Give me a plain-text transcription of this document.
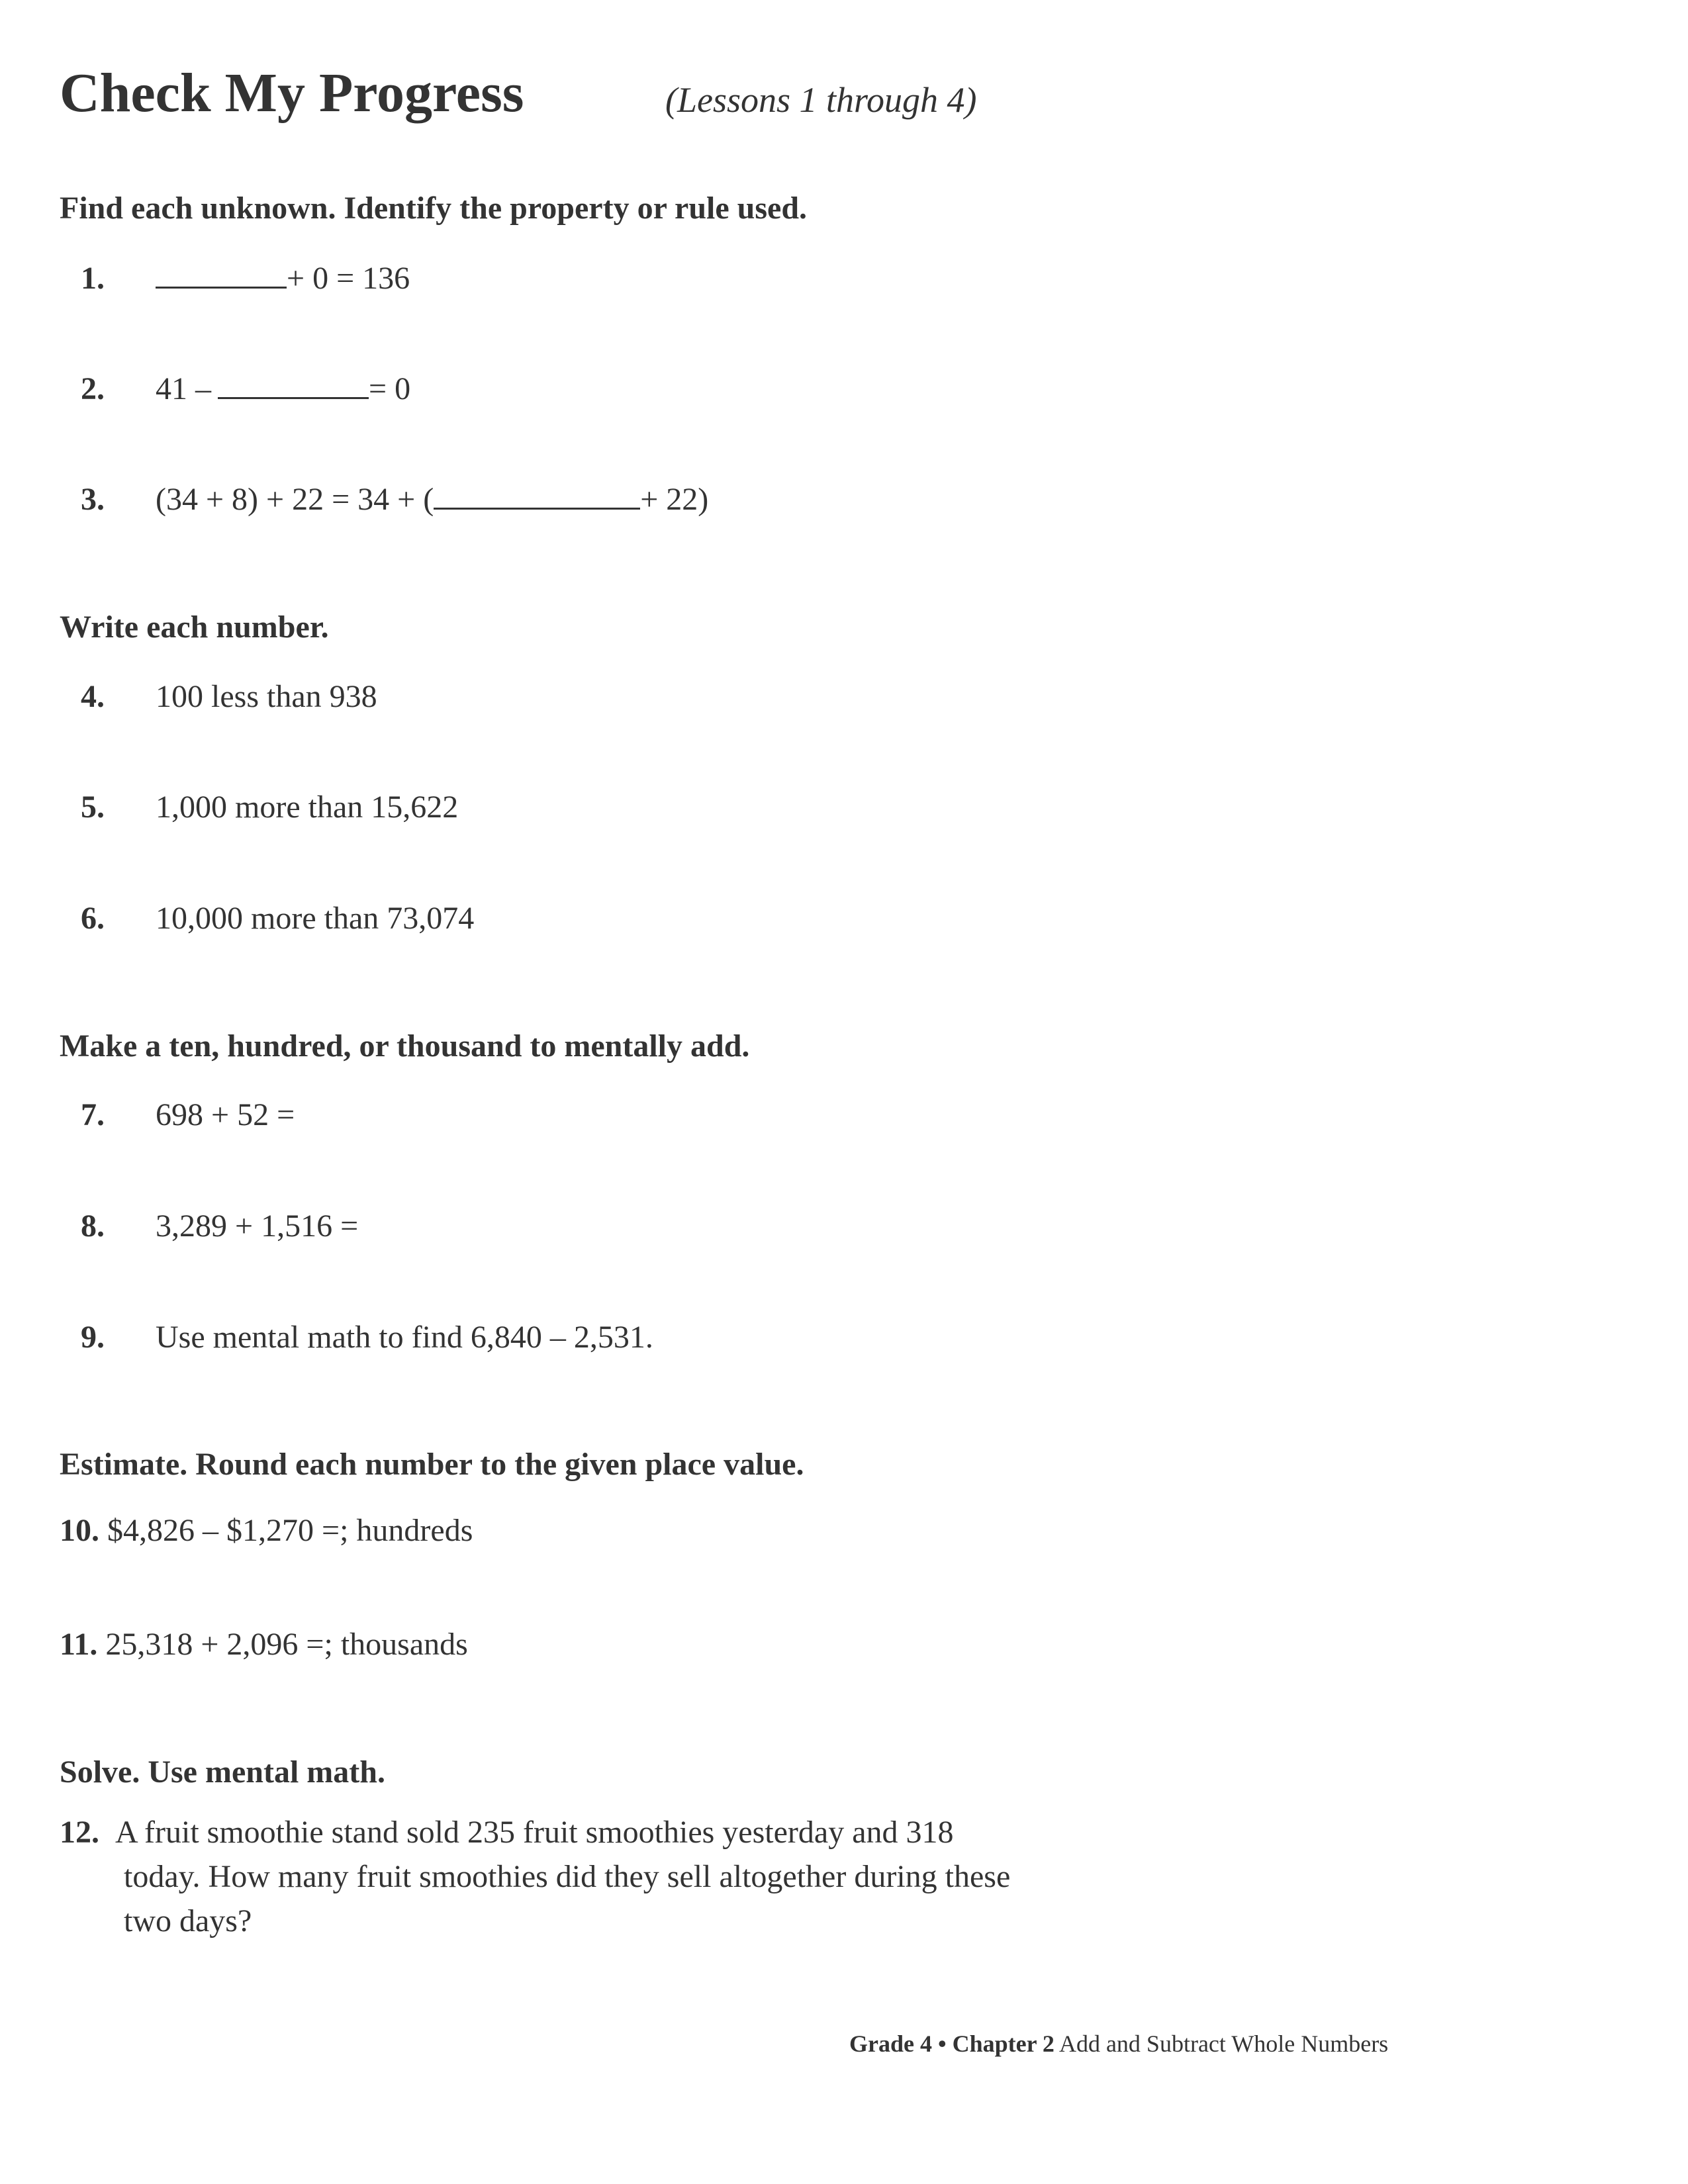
Check My Progress	(Lessons 1 through 4)
Find each unknown. Identify the property or rule used.
1.	+ 0 = 136
2.	41 –	= 0
3.	(34 + 8) + 22 = 34 + (	+ 22)
Write each number.
4.	100 less than 938
5.	1,000 more than 15,622
6.	10,000 more than 73,074
Make a ten, hundred, or thousand to mentally add.
7.	698 + 52 =
8.	3,289 + 1,516 =
9.	Use mental math to find 6,840 – 2,531.
Estimate. Round each number to the given place value.
10. $4,826 – $1,270 =; hundreds
11. 25,318 + 2,096 =; thousands
Solve. Use mental math.
12. A fruit smoothie stand sold 235 fruit smoothies yesterday and 318
today. How many fruit smoothies did they sell altogether during these
two days?
Grade 4 • Chapter 2 Add and Subtract Whole Numbers
